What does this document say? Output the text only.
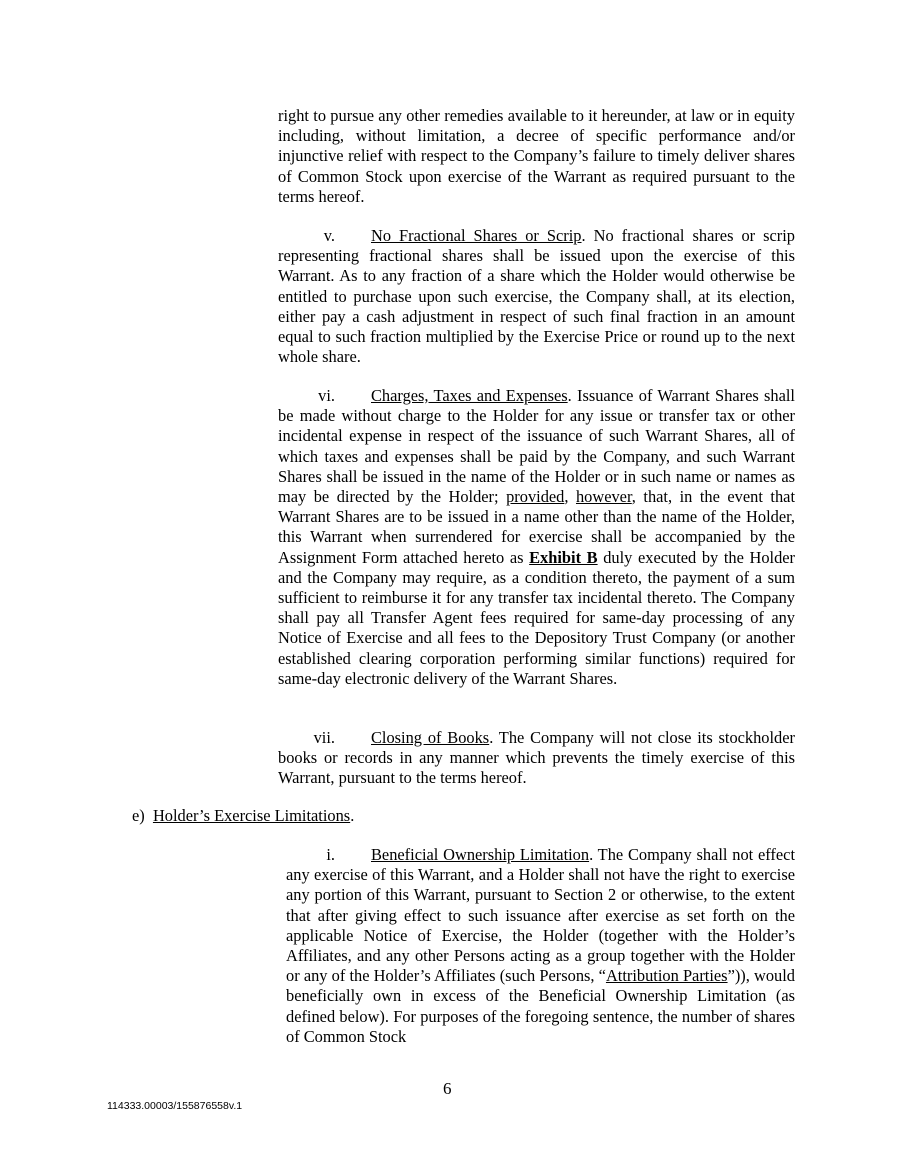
right to pursue any other remedies available to it hereunder, at law or in equity including, without limitation, a decree of specific performance and/or injunctive relief with respect to the Company’s failure to timely deliver shares of Common Stock upon exercise of the Warrant as required pursuant to the terms hereof.
v. No Fractional Shares or Scrip. No fractional shares or scrip representing fractional shares shall be issued upon the exercise of this Warrant. As to any fraction of a share which the Holder would otherwise be entitled to purchase upon such exercise, the Company shall, at its election, either pay a cash adjustment in respect of such final fraction in an amount equal to such fraction multiplied by the Exercise Price or round up to the next whole share.
vi. Charges, Taxes and Expenses. Issuance of Warrant Shares shall be made without charge to the Holder for any issue or transfer tax or other incidental expense in respect of the issuance of such Warrant Shares, all of which taxes and expenses shall be paid by the Company, and such Warrant Shares shall be issued in the name of the Holder or in such name or names as may be directed by the Holder; provided, however, that, in the event that Warrant Shares are to be issued in a name other than the name of the Holder, this Warrant when surrendered for exercise shall be accompanied by the Assignment Form attached hereto as Exhibit B duly executed by the Holder and the Company may require, as a condition thereto, the payment of a sum sufficient to reimburse it for any transfer tax incidental thereto. The Company shall pay all Transfer Agent fees required for same-day processing of any Notice of Exercise and all fees to the Depository Trust Company (or another established clearing corporation performing similar functions) required for same-day electronic delivery of the Warrant Shares.
vii. Closing of Books. The Company will not close its stockholder books or records in any manner which prevents the timely exercise of this Warrant, pursuant to the terms hereof.
e) Holder’s Exercise Limitations.
i. Beneficial Ownership Limitation. The Company shall not effect any exercise of this Warrant, and a Holder shall not have the right to exercise any portion of this Warrant, pursuant to Section 2 or otherwise, to the extent that after giving effect to such issuance after exercise as set forth on the applicable Notice of Exercise, the Holder (together with the Holder’s Affiliates, and any other Persons acting as a group together with the Holder or any of the Holder’s Affiliates (such Persons, “Attribution Parties”)), would beneficially own in excess of the Beneficial Ownership Limitation (as defined below). For purposes of the foregoing sentence, the number of shares of Common Stock
6
114333.00003/155876558v.1
